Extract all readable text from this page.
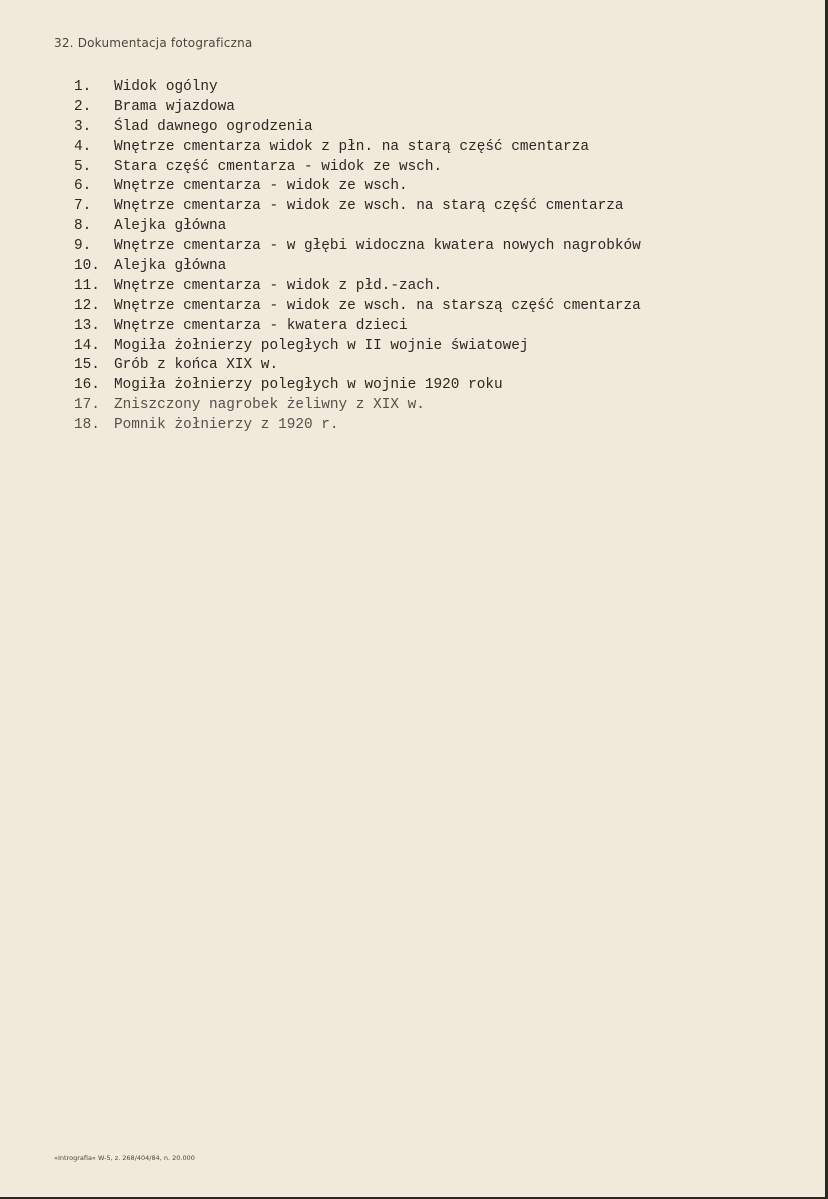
32. Dokumentacja fotograficzna
1.	Widok ogólny
2.	Brama wjazdowa
3.	Ślad dawnego ogrodzenia
4.	Wnętrze cmentarza widok z płn. na starą część cmentarza
5.	Stara część cmentarza - widok ze wsch.
6.	Wnętrze cmentarza - widok ze wsch.
7.	Wnętrze cmentarza - widok ze wsch. na starą część cmentarza
8.	Alejka główna
9.	Wnętrze cmentarza - w głębi widoczna kwatera nowych nagrobków
10. Alejka główna
11. Wnętrze cmentarza - widok z płd.-zach.
12. Wnętrze cmentarza - widok ze wsch. na starszą część cmentarza
13. Wnętrze cmentarza - kwatera dzieci
14. Mogiła żołnierzy poległych w II wojnie światowej
15. Grób z końca XIX w.
16. Mogiła żołnierzy poległych w wojnie 1920 roku
17. Zniszczony nagrobek żeliwny z XIX w.
18. Pomnik żołnierzy z 1920 r.
»Intrografia« W-5, z. 268/404/84, n. 20.000
